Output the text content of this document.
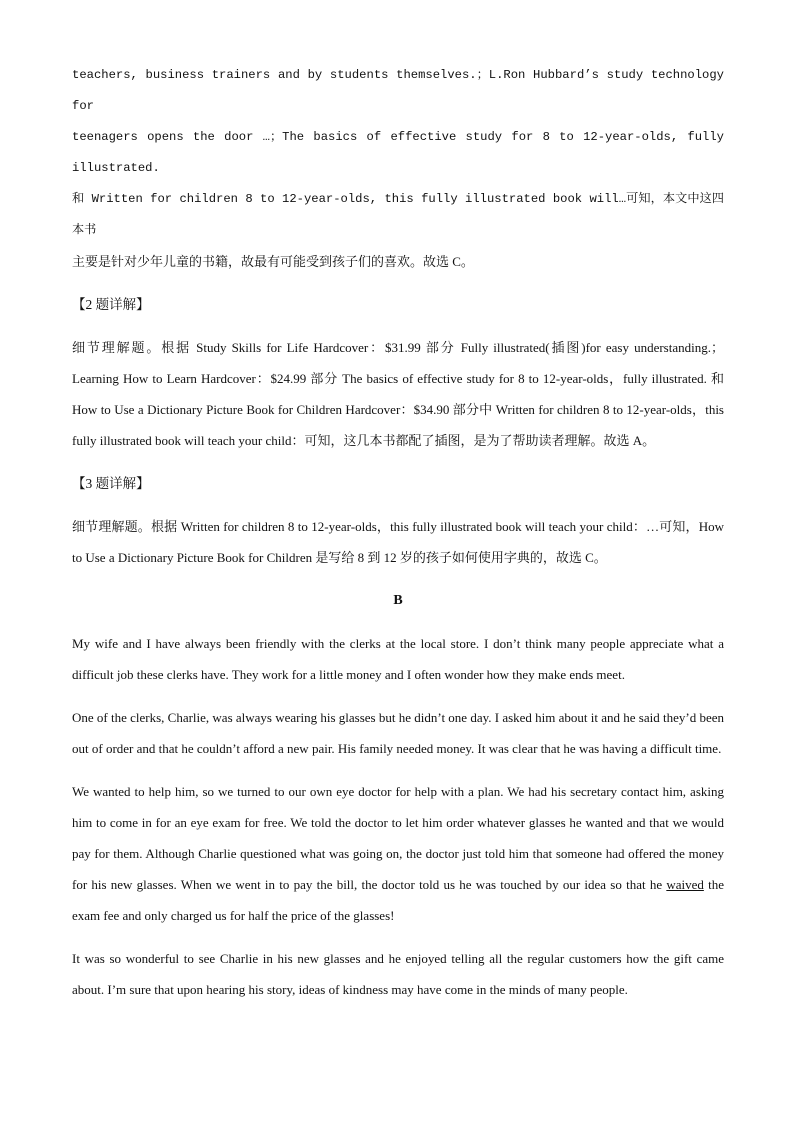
teachers, business trainers and by students themselves.；L.Ron Hubbard’s study technology for

teenagers opens the door …；The basics of effective study for 8 to 12-year-olds, fully illustrated.

和 Written for children 8 to 12-year-olds, this fully illustrated book will…可知，本文中这四本书

主要是针对少年儿童的书籍，故最有可能受到孩子们的喜欢。故选 C。

【2 题详解】

细节理解题。根据 Study Skills for Life Hardcover：$31.99 部分 Fully illustrated(插图)for easy understanding.； Learning How to Learn Hardcover：$24.99 部分 The basics of effective study for 8 to 12-year-olds，fully illustrated. 和 How to Use a Dictionary Picture Book for Children Hardcover：$34.90 部分中 Written for children 8 to 12-year-olds，this fully illustrated book will teach your child：可知，这几本书都配了插图，是为了帮助读者理解。故选 A。

【3 题详解】

细节理解题。根据 Written for children 8 to 12-year-olds，this fully illustrated book will teach your child：…可知，How to Use a Dictionary Picture Book for Children 是写给 8 到 12 岁的孩子如何使用字典的，故选 C。

B

My wife and I have always been friendly with the clerks at the local store. I don’t think many people appreciate what a difficult job these clerks have. They work for a little money and I often wonder how they make ends meet.

One of the clerks, Charlie, was always wearing his glasses but he didn’t one day. I asked him about it and he said they’d been out of order and that he couldn’t afford a new pair. His family needed money. It was clear that he was having a difficult time.

We wanted to help him, so we turned to our own eye doctor for help with a plan. We had his secretary contact him, asking him to come in for an eye exam for free. We told the doctor to let him order whatever glasses he wanted and that we would pay for them. Although Charlie questioned what was going on, the doctor just told him that someone had offered the money for his new glasses. When we went in to pay the bill, the doctor told us he was touched by our idea so that he waived the exam fee and only charged us for half the price of the glasses!

It was so wonderful to see Charlie in his new glasses and he enjoyed telling all the regular customers how the gift came about. I’m sure that upon hearing his story, ideas of kindness may have come in the minds of many people.
